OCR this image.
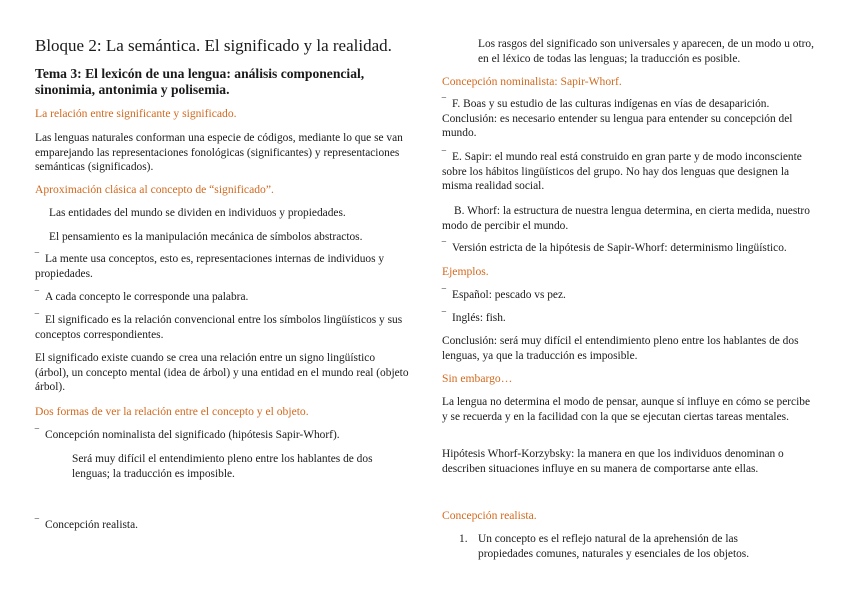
Bloque 2: La semántica. El significado y la realidad.
Tema 3: El lexicón de una lengua: análisis componencial, sinonimia, antonimia y polisemia.
La relación entre significante y significado.
Las lenguas naturales conforman una especie de códigos, mediante lo que se van emparejando las representaciones fonológicas (significantes) y representaciones semánticas (significados).
Aproximación clásica al concepto de “significado”.
Las entidades del mundo se dividen en individuos y propiedades.
El pensamiento es la manipulación mecánica de símbolos abstractos.
‾ La mente usa conceptos, esto es, representaciones internas de individuos y propiedades.
‾ A cada concepto le corresponde una palabra.
‾ El significado es la relación convencional entre los símbolos lingüísticos y sus conceptos correspondientes.
El significado existe cuando se crea una relación entre un signo lingüístico (árbol), un concepto mental (idea de árbol) y una entidad en el mundo real (objeto árbol).
Dos formas de ver la relación entre el concepto y el objeto.
‾ Concepción nominalista del significado (hipótesis Sapir-Whorf).
Será muy difícil el entendimiento pleno entre los hablantes de dos lenguas; la traducción es imposible.
‾ Concepción realista.
Los rasgos del significado son universales y aparecen, de un modo u otro, en el léxico de todas las lenguas; la traducción es posible.
Concepción nominalista: Sapir-Whorf.
‾ F. Boas y su estudio de las culturas indígenas en vías de desaparición. Conclusión: es necesario entender su lengua para entender su concepción del mundo.
‾ E. Sapir: el mundo real está construido en gran parte y de modo inconsciente sobre los hábitos lingüísticos del grupo. No hay dos lenguas que designen la misma realidad social.
B. Whorf: la estructura de nuestra lengua determina, en cierta medida, nuestro modo de percibir el mundo.
‾ Versión estricta de la hipótesis de Sapir-Whorf: determinismo lingüístico.
Ejemplos.
‾ Español: pescado vs pez.
‾ Inglés: fish.
Conclusión: será muy difícil el entendimiento pleno entre los hablantes de dos lenguas, ya que la traducción es imposible.
Sin embargo…
La lengua no determina el modo de pensar, aunque sí influye en cómo se percibe y se recuerda y en la facilidad con la que se ejecutan ciertas tareas mentales.
Hipótesis Whorf-Korzybsky: la manera en que los individuos denominan o describen situaciones influye en su manera de comportarse ante ellas.
Concepción realista.
1. Un concepto es el reflejo natural de la aprehensión de las propiedades comunes, naturales y esenciales de los objetos.
